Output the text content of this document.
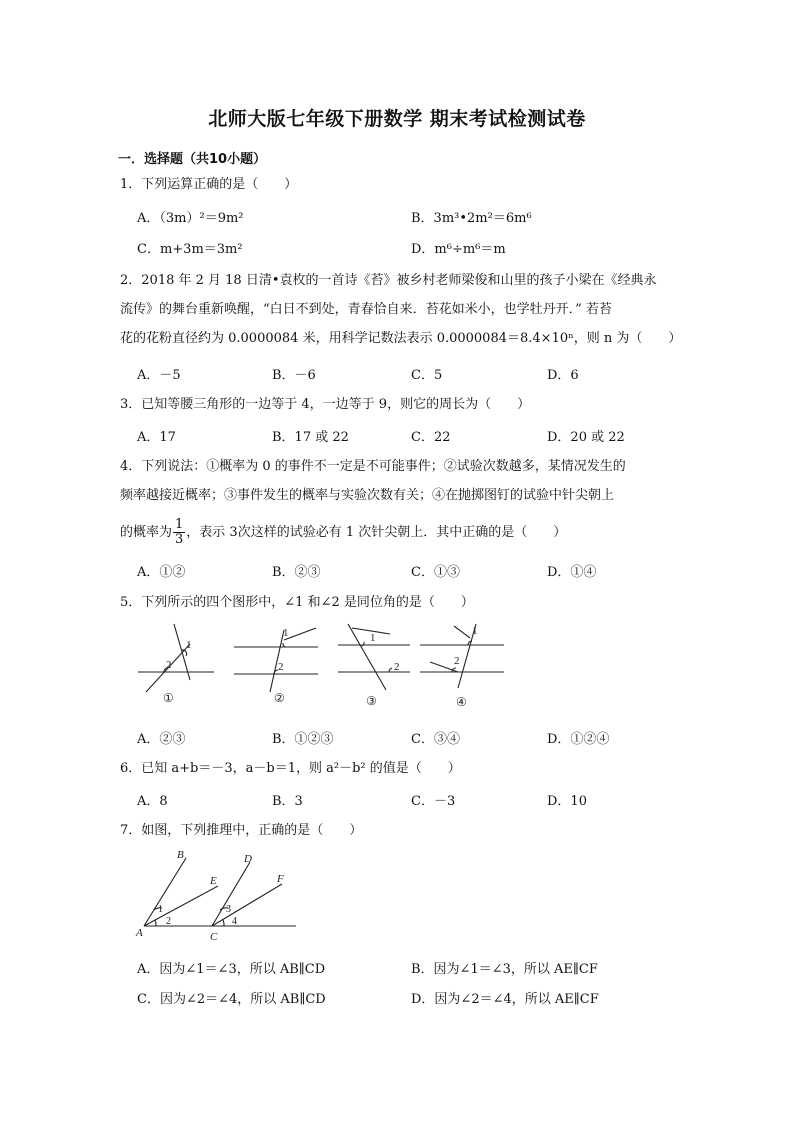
北师大版七年级下册数学 期末考试检测试卷
一．选择题（共10小题）

1．下列运算正确的是（　　）

A．（3m）²＝9m²	B．3m³•2m²＝6m⁶
C．m+3m＝3m²	D．m⁶÷m⁶＝m

2．2018 年 2 月 18 日清•袁枚的一首诗《苔》被乡村老师梁俊和山里的孩子小梁在《经典永

流传》的舞台重新唤醒，“白日不到处，青春恰自来．苔花如米小，也学牡丹开．” 若苔

花的花粉直径约为 0.0000084 米，用科学记数法表示 0.0000084＝8.4×10ⁿ，则 n 为（　　）

A．－5	B．－6	C．5	D．6

3．已知等腰三角形的一边等于 4，一边等于 9，则它的周长为（　　）

A．17	B．17 或 22	C．22	D．20 或 22

4．下列说法：①概率为 0 的事件不一定是不可能事件；②试验次数越多，某情况发生的

频率越接近概率；③事件发生的概率与实验次数有关；④在抛掷图钉的试验中针尖朝上

的概率为 $\frac{1}{3}$ ，表示 3次这样的试验必有 1 次针尖朝上．其中正确的是（　　）

A．①②	B．②③	C．①③	D．①④

5．下列所示的四个图形中，∠1 和∠2 是同位角的是（　　）

1
2
1
2
1
2
1
2
①	②	③	④
A．②③	B．①②③	C．③④	D．①②④

6．已知 a+b＝－3，a－b＝1，则 a²－b² 的值是（　　）

A．8	B．3	C．－3	D．10

7．如图，下列推理中，正确的是（　　）

B
E
D
F
A	C
1
2
3
4
A．因为∠1＝∠3，所以 AB∥CD	B．因为∠1＝∠3，所以 AE∥CF
C．因为∠2＝∠4，所以 AB∥CD	D．因为∠2＝∠4，所以 AE∥CF
